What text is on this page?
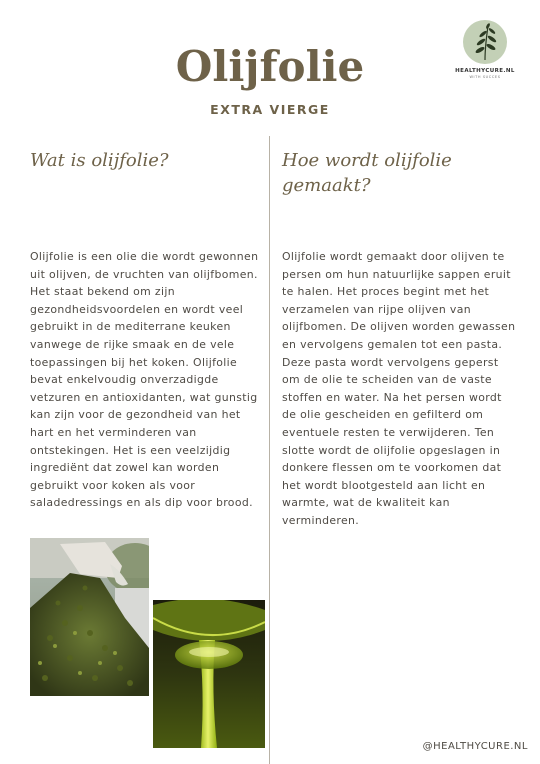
Olijfolie
EXTRA VIERGE
HEALTHYCURE.NL
WITH SUCCES
Wat is olijfolie?

Olijfolie is een olie die wordt gewonnen uit olijven, de vruchten van olijfbomen. Het staat bekend om zijn gezondheidsvoordelen en wordt veel gebruikt in de mediterrane keuken vanwege de rijke smaak en de vele toepassingen bij het koken. Olijfolie bevat enkelvoudig onverzadigde vetzuren en antioxidanten, wat gunstig kan zijn voor de gezondheid van het hart en het verminderen van ontstekingen. Het is een veelzijdig ingrediënt dat zowel kan worden gebruikt voor koken als voor saladedressings en als dip voor brood.

Hoe wordt olijfolie gemaakt?

Olijfolie wordt gemaakt door olijven te persen om hun natuurlijke sappen eruit te halen. Het proces begint met het verzamelen van rijpe olijven van olijfbomen. De olijven worden gewassen en vervolgens gemalen tot een pasta. Deze pasta wordt vervolgens geperst om de olie te scheiden van de vaste stoffen en water. Na het persen wordt de olie gescheiden en gefilterd om eventuele resten te verwijderen. Ten slotte wordt de olijfolie opgeslagen in donkere flessen om te voorkomen dat het wordt blootgesteld aan licht en warmte, wat de kwaliteit kan verminderen.

@HEALTHYCURE.NL
